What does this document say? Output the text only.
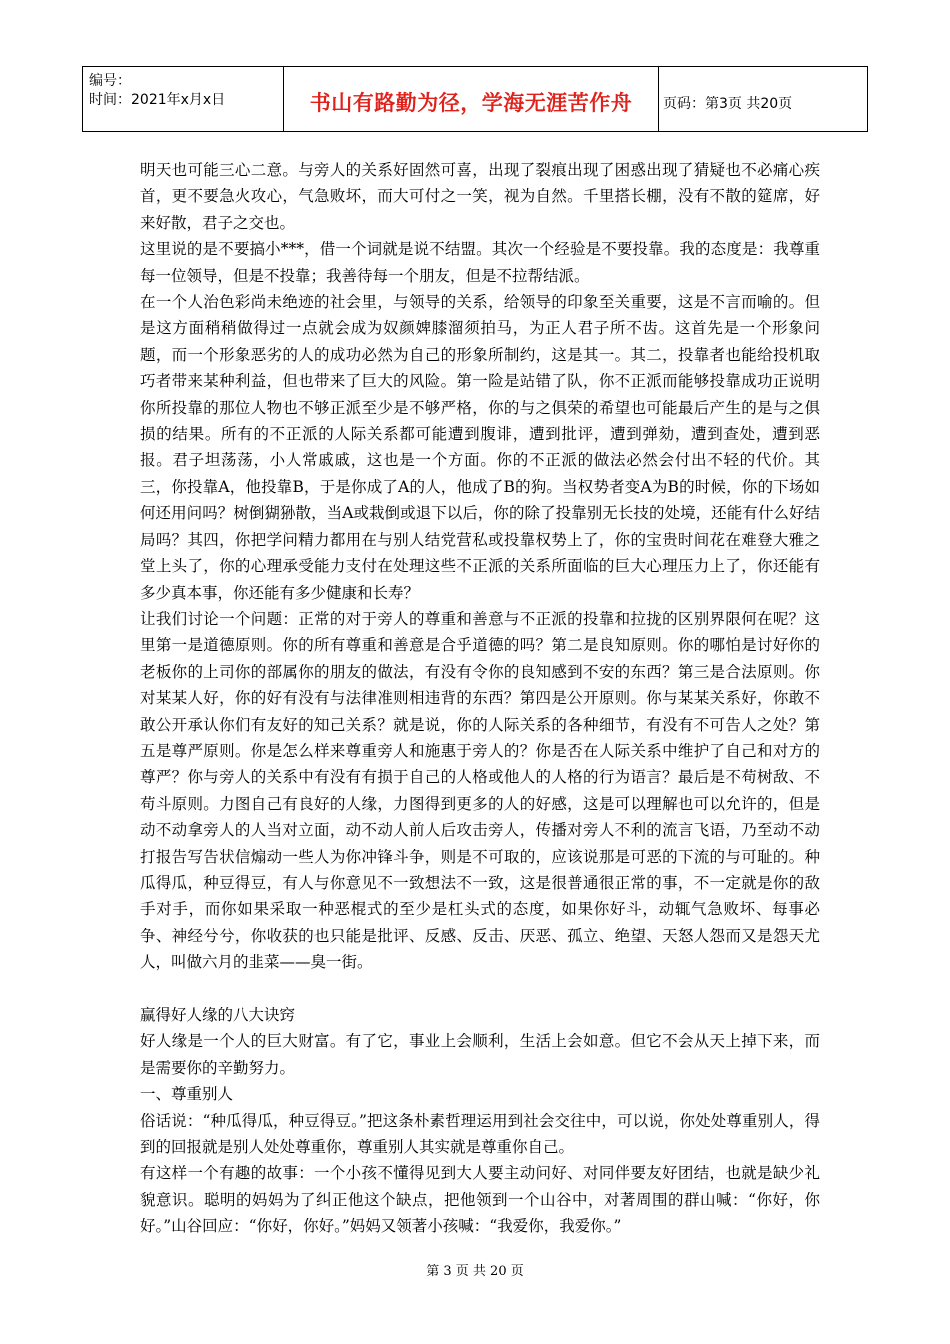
编号：
时间：2021年x月x日	书山有路勤为径，学海无涯苦作舟 页码：第3页 共20页

明天也可能三心二意。与旁人的关系好固然可喜，出现了裂痕出现了困惑出现了猜疑也不必痛心疾首，更不要急火攻心，气急败坏，而大可付之一笑，视为自然。千里搭长棚，没有不散的筵席，好来好散，君子之交也。

这里说的是不要搞小***，借一个词就是说不结盟。其次一个经验是不要投靠。我的态度是：我尊重每一位领导，但是不投靠；我善待每一个朋友，但是不拉帮结派。

在一个人治色彩尚未绝迹的社会里，与领导的关系，给领导的印象至关重要，这是不言而喻的。但是这方面稍稍做得过一点就会成为奴颜婢膝溜须拍马，为正人君子所不齿。这首先是一个形象问题，而一个形象恶劣的人的成功必然为自己的形象所制约，这是其一。其二，投靠者也能给投机取巧者带来某种利益，但也带来了巨大的风险。第一险是站错了队，你不正派而能够投靠成功正说明你所投靠的那位人物也不够正派至少是不够严格，你的与之俱荣的希望也可能最后产生的是与之俱损的结果。所有的不正派的人际关系都可能遭到腹诽，遭到批评，遭到弹劾，遭到查处，遭到恶报。君子坦荡荡，小人常戚戚，这也是一个方面。你的不正派的做法必然会付出不轻的代价。其三，你投靠A，他投靠B，于是你成了A的人，他成了B的狗。当权势者变A为B的时候，你的下场如何还用问吗？树倒猢狲散，当A或栽倒或退下以后，你的除了投靠别无长技的处境，还能有什么好结局吗？其四，你把学问精力都用在与别人结党营私或投靠权势上了，你的宝贵时间花在难登大雅之堂上头了，你的心理承受能力支付在处理这些不正派的关系所面临的巨大心理压力上了，你还能有多少真本事，你还能有多少健康和长寿？

让我们讨论一个问题：正常的对于旁人的尊重和善意与不正派的投靠和拉拢的区别界限何在呢？这里第一是道德原则。你的所有尊重和善意是合乎道德的吗？第二是良知原则。你的哪怕是讨好你的老板你的上司你的部属你的朋友的做法，有没有令你的良知感到不安的东西？第三是合法原则。你对某某人好，你的好有没有与法律准则相违背的东西？第四是公开原则。你与某某关系好，你敢不敢公开承认你们有友好的知己关系？就是说，你的人际关系的各种细节，有没有不可告人之处？第五是尊严原则。你是怎么样来尊重旁人和施惠于旁人的？你是否在人际关系中维护了自己和对方的尊严？你与旁人的关系中有没有有损于自己的人格或他人的人格的行为语言？最后是不苟树敌、不苟斗原则。力图自己有良好的人缘，力图得到更多的人的好感，这是可以理解也可以允许的，但是动不动拿旁人的人当对立面，动不动人前人后攻击旁人，传播对旁人不利的流言飞语，乃至动不动打报告写告状信煽动一些人为你冲锋斗争，则是不可取的，应该说那是可恶的下流的与可耻的。种瓜得瓜，种豆得豆，有人与你意见不一致想法不一致，这是很普通很正常的事，不一定就是你的敌手对手，而你如果采取一种恶棍式的至少是杠头式的态度，如果你好斗，动辄气急败坏、每事必争、神经兮兮，你收获的也只能是批评、反感、反击、厌恶、孤立、绝望、天怒人怨而又是怨天尤人，叫做六月的韭菜——臭一街。

赢得好人缘的八大诀窍

好人缘是一个人的巨大财富。有了它，事业上会顺利，生活上会如意。但它不会从天上掉下来，而是需要你的辛勤努力。

一、尊重别人

俗话说：“种瓜得瓜，种豆得豆。”把这条朴素哲理运用到社会交往中，可以说，你处处尊重别人，得到的回报就是别人处处尊重你，尊重别人其实就是尊重你自己。

有这样一个有趣的故事：一个小孩不懂得见到大人要主动问好、对同伴要友好团结，也就是缺少礼貌意识。聪明的妈妈为了纠正他这个缺点，把他领到一个山谷中，对著周围的群山喊：“你好，你好。”山谷回应：“你好，你好。”妈妈又领著小孩喊：“我爱你，我爱你。”

第 3 页 共 20 页
